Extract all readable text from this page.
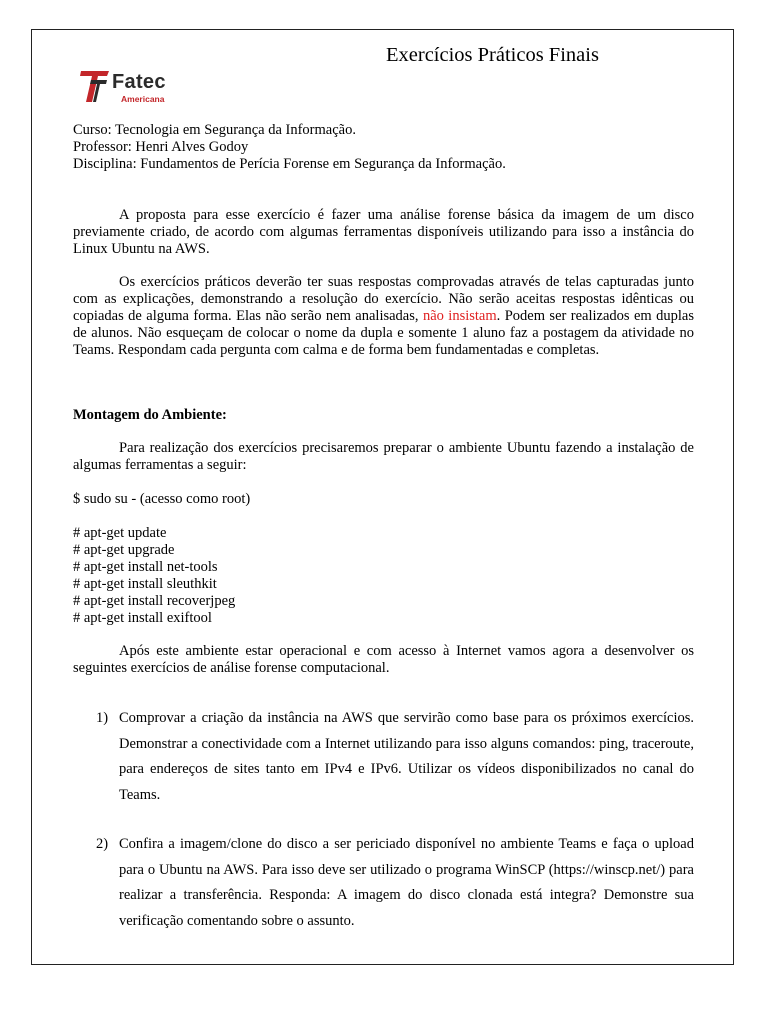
Exercícios Práticos Finais
Fatec
Americana
Curso: Tecnologia em Segurança da Informação.
Professor: Henri Alves Godoy
Disciplina: Fundamentos de Perícia Forense em Segurança da Informação.
A proposta para esse exercício é fazer uma análise forense básica da imagem de um disco previamente criado, de acordo com algumas ferramentas disponíveis utilizando para isso a instância do Linux Ubuntu na AWS.
Os exercícios práticos deverão ter suas respostas comprovadas através de telas capturadas junto com as explicações, demonstrando a resolução do exercício. Não serão aceitas respostas idênticas ou copiadas de alguma forma. Elas não serão nem analisadas, não insistam. Podem ser realizados em duplas de alunos. Não esqueçam de colocar o nome da dupla e somente 1 aluno faz a postagem da atividade no Teams. Respondam cada pergunta com calma e de forma bem fundamentadas e completas.
Montagem do Ambiente:
Para realização dos exercícios precisaremos preparar o ambiente Ubuntu fazendo a instalação de algumas ferramentas a seguir:
$ sudo su - (acesso como root)
# apt-get update
# apt-get upgrade
# apt-get install net-tools
# apt-get install sleuthkit
# apt-get install recoverjpeg
# apt-get install exiftool
Após este ambiente estar operacional e com acesso à Internet vamos agora a desenvolver os seguintes exercícios de análise forense computacional.
1) Comprovar a criação da instância na AWS que servirão como base para os próximos exercícios. Demonstrar a conectividade com a Internet utilizando para isso alguns comandos: ping, traceroute, para endereços de sites tanto em IPv4 e IPv6. Utilizar os vídeos disponibilizados no canal do Teams.
2) Confira a imagem/clone do disco a ser periciado disponível no ambiente Teams e faça o upload para o Ubuntu na AWS. Para isso deve ser utilizado o programa WinSCP (https://winscp.net/) para realizar a transferência. Responda: A imagem do disco clonada está integra? Demonstre sua verificação comentando sobre o assunto.
